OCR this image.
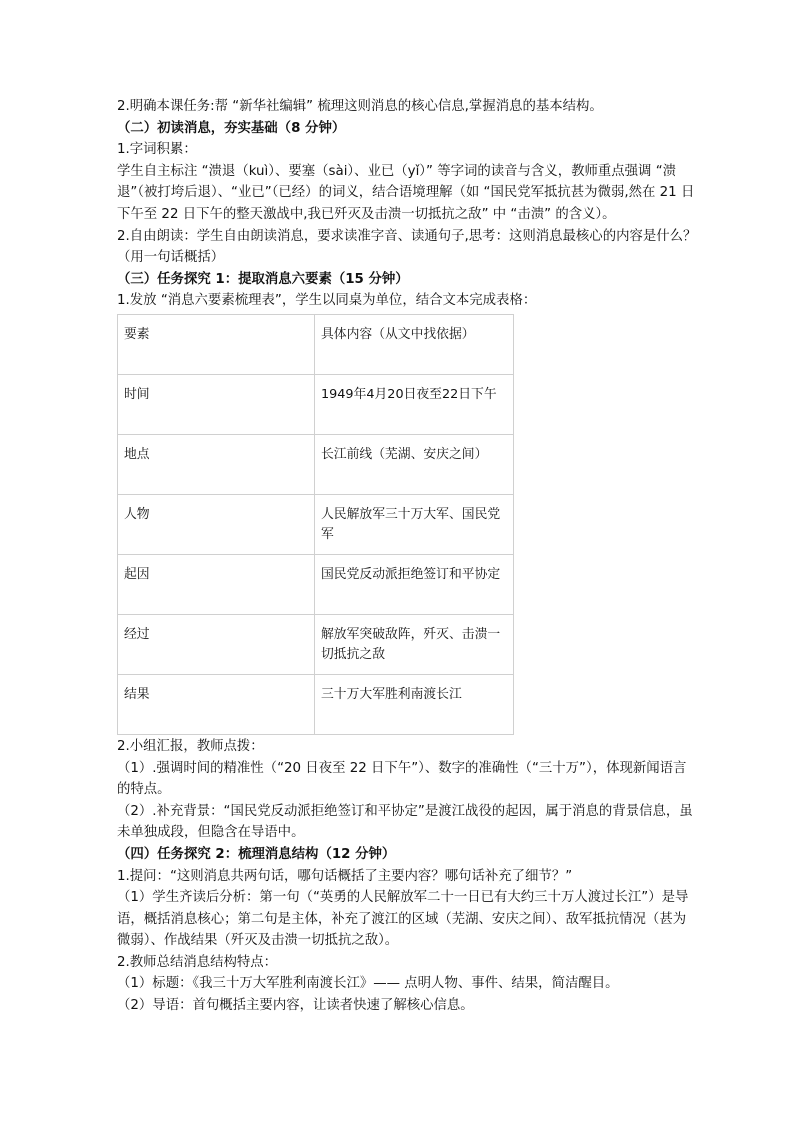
2.明确本课任务:帮 “新华社编辑” 梳理这则消息的核心信息,掌握消息的基本结构。
（二）初读消息，夯实基础（8 分钟）
1.字词积累：
学生自主标注 “溃退（kuì）、要塞（sài）、业已（yǐ）” 等字词的读音与含义，教师重点强调 “溃退”（被打垮后退）、“业已”（已经）的词义，结合语境理解（如 “国民党军抵抗甚为微弱,然在 21 日下午至 22 日下午的整天激战中,我已歼灭及击溃一切抵抗之敌” 中 “击溃” 的含义）。
2.自由朗读：学生自由朗读消息，要求读准字音、读通句子,思考：这则消息最核心的内容是什么？（用一句话概括）
（三）任务探究 1：提取消息六要素（15 分钟）
1.发放 “消息六要素梳理表”，学生以同桌为单位，结合文本完成表格：
要素	具体内容（从文中找依据）
时间	1949年4月20日夜至22日下午
地点	长江前线（芜湖、安庆之间）
人物	人民解放军三十万大军、国民党军
起因	国民党反动派拒绝签订和平协定
经过	解放军突破敌阵，歼灭、击溃一切抵抗之敌
结果	三十万大军胜利南渡长江
2.小组汇报，教师点拨：
（1）.强调时间的精准性（“20 日夜至 22 日下午”）、数字的准确性（“三十万”），体现新闻语言的特点。
（2）.补充背景：“国民党反动派拒绝签订和平协定”是渡江战役的起因，属于消息的背景信息，虽未单独成段，但隐含在导语中。
（四）任务探究 2：梳理消息结构（12 分钟）
1.提问：“这则消息共两句话，哪句话概括了主要内容？哪句话补充了细节？”
（1）学生齐读后分析：第一句（“英勇的人民解放军二十一日已有大约三十万人渡过长江”）是导语，概括消息核心；第二句是主体，补充了渡江的区域（芜湖、安庆之间）、敌军抵抗情况（甚为微弱）、作战结果（歼灭及击溃一切抵抗之敌）。
2.教师总结消息结构特点：
（1）标题：《我三十万大军胜利南渡长江》—— 点明人物、事件、结果，简洁醒目。
（2）导语：首句概括主要内容，让读者快速了解核心信息。
